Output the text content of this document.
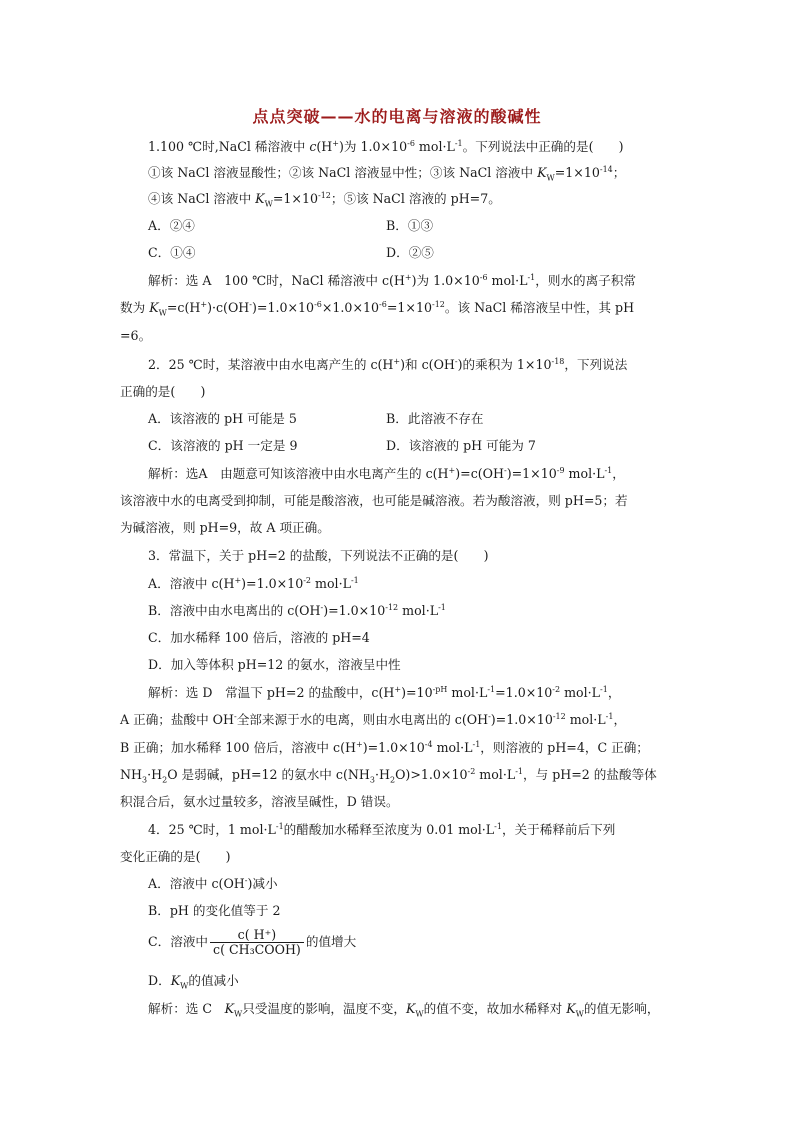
点点突破——水的电离与溶液的酸碱性
1.100 ℃时,NaCl 稀溶液中 c(H+)为 $1.0\times 10^{-6}$ $mol\cdot L^{-1}$。下列说法中正确的是(　　)
①该 NaCl 溶液显酸性；②该 NaCl 溶液显中性；③该 NaCl 溶液中 $K_W=1\times 10^{-14}$；
④该 NaCl 溶液中 $K_W=1\times 10^{-12}$；⑤该 NaCl 溶液的 pH=7。
A．②④	B．①③
C．①④	D．②⑤
解析：选 A　100 ℃时，NaCl 稀溶液中 c(H+)为 $1.0\times 10^{-6}$ $mol\cdot L^{-1}$，则水的离子积常
数为 $K_W=c(H^+)\cdot c(OH^-)=1.0\times 10^{-6}\times 1.0\times 10^{-6}=1\times 10^{-12}$。该 NaCl 稀溶液呈中性，其 pH
=6。
2．25 ℃时，某溶液中由水电离产生的 c(H+)和 c(OH-)的乘积为 $1\times 10^{-18}$，下列说法
正确的是(　　)
A．该溶液的 pH 可能是 5	B．此溶液不存在
C．该溶液的 pH 一定是 9	D．该溶液的 pH 可能为 7
解析：选A　由题意可知该溶液中由水电离产生的 $c(H^+)=c(OH^-)=1\times 10^{-9}$ $mol\cdot L^{-1}$，
该溶液中水的电离受到抑制，可能是酸溶液，也可能是碱溶液。若为酸溶液，则 pH=5；若
为碱溶液，则 pH=9，故 A 项正确。
3．常温下，关于 pH=2 的盐酸，下列说法不正确的是(　　)
A．溶液中 $c(H^+)=1.0\times 10^{-2}$ $mol\cdot L^{-1}$
B．溶液中由水电离出的 $c(OH^-)=1.0\times 10^{-12}$ $mol\cdot L^{-1}$
C．加水稀释 100 倍后，溶液的 pH=4
D．加入等体积 pH=12 的氨水，溶液呈中性
解析：选 D　常温下 pH=2 的盐酸中，$c(H^+)=10^{-pH}$ $mol\cdot L^{-1}=1.0\times 10^{-2}$ $mol\cdot L^{-1}$，
A 正确；盐酸中 OH-全部来源于水的电离，则由水电离出的 $c(OH^-)=1.0\times 10^{-12}$ $mol\cdot L^{-1}$，
B 正确；加水稀释 100 倍后，溶液中 $c(H^+)=1.0\times 10^{-4}$ $mol\cdot L^{-1}$，则溶液的 pH=4，C 正确；
$NH_3\cdot H_2O$ 是弱碱，pH=12 的氨水中 $c(NH_3\cdot H_2O)>1.0\times 10^{-2}$ $mol\cdot L^{-1}$，与 pH=2 的盐酸等体
积混合后，氨水过量较多，溶液呈碱性，D 错误。
4．25 ℃时，1 $mol\cdot L^{-1}$的醋酸加水稀释至浓度为 0.01 $mol\cdot L^{-1}$，关于稀释前后下列
变化正确的是(　　)
A．溶液中 c(OH-)减小
B．pH 的变化值等于 2
C．溶液中 $\frac{c( H^+)}{\text{c( CH₃COOH)}}$ 的值增大
D．$K_W$的值减小
解析：选 C　$K_W$只受温度的影响，温度不变，$K_W$的值不变，故加水稀释对 $K_W$的值无影响，
